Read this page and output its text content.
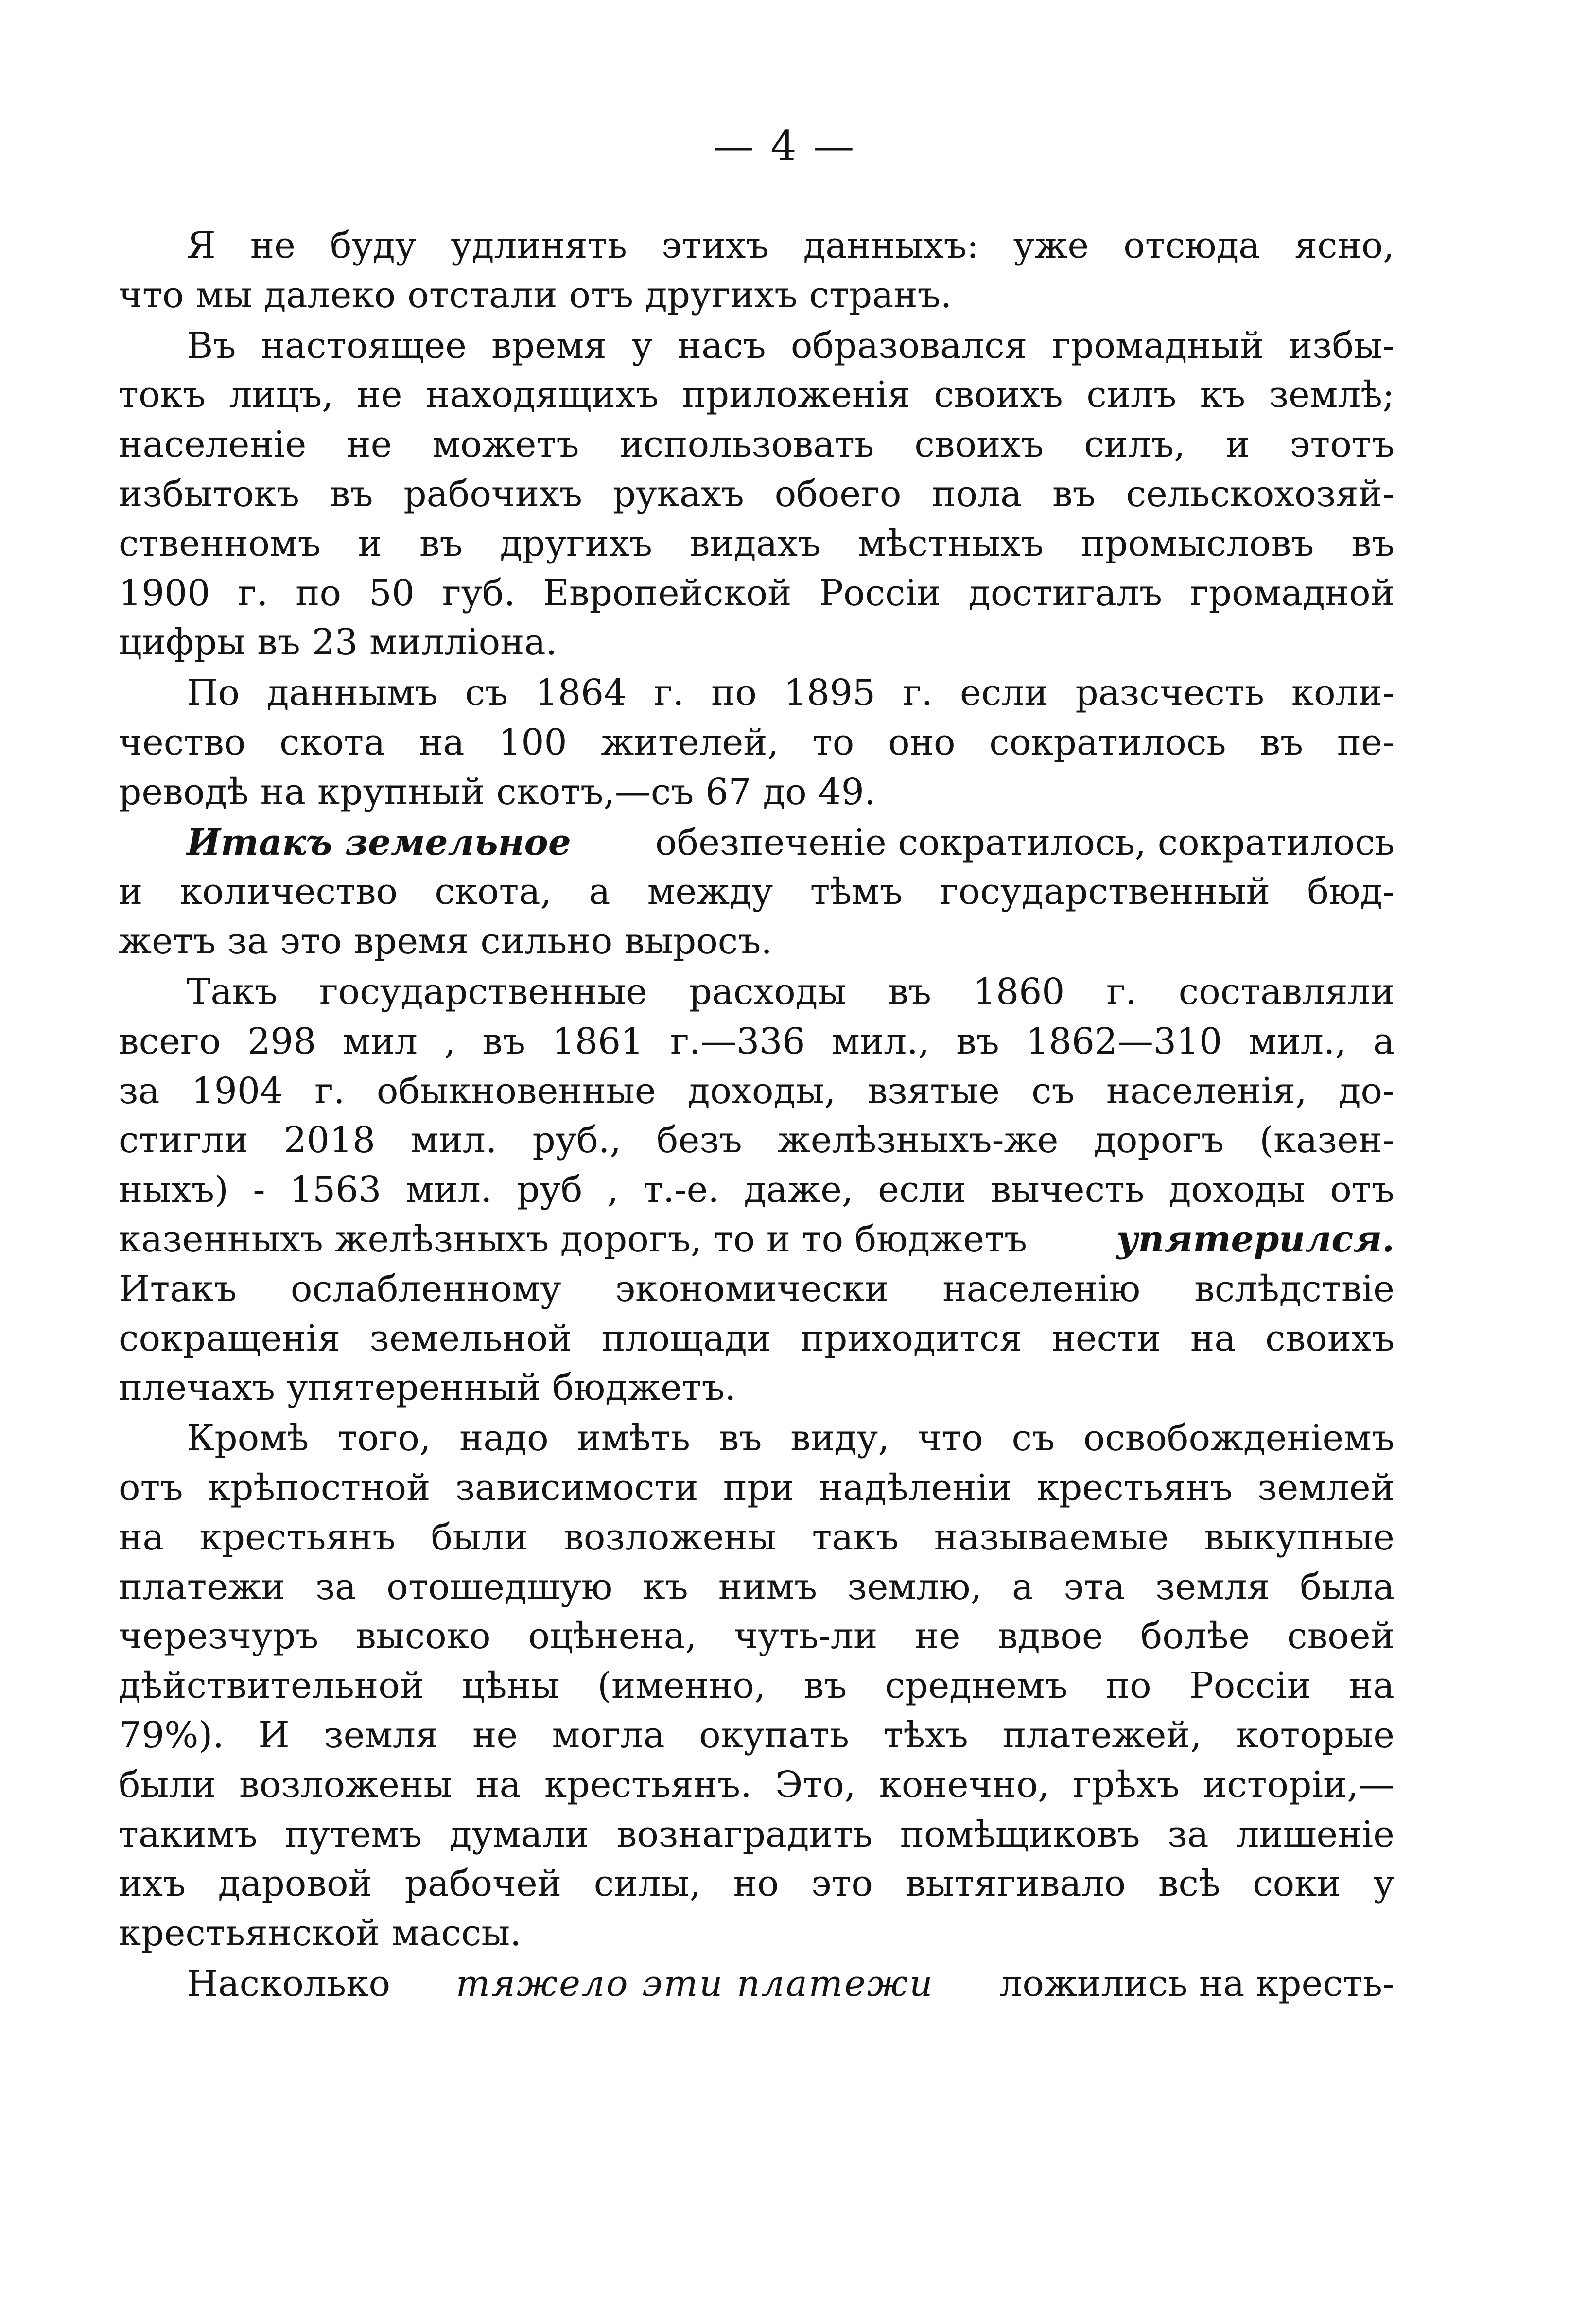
— 4 —
Я не буду удлинять этихъ данныхъ: уже отсюда ясно,
что мы далеко отстали отъ другихъ странъ.
Въ настоящее время у насъ образовался громадный избы-
токъ лицъ, не находящихъ приложенія своихъ силъ къ землѣ;
населеніе не можетъ использовать своихъ силъ, и этотъ
избытокъ въ рабочихъ рукахъ обоего пола въ сельскохозяй-
ственномъ и въ другихъ видахъ мѣстныхъ промысловъ въ
1900 г. по 50 губ. Европейской Россіи достигалъ громадной
цифры въ 23 милліона.
По даннымъ съ 1864 г. по 1895 г. если разсчесть коли-
чество скота на 100 жителей, то оно сократилось въ пе-
реводѣ на крупный скотъ,—съ 67 до 49.
Итакъ земельное обезпеченіе сократилось, сократилось
и количество скота, а между тѣмъ государственный бюд-
жетъ за это время сильно выросъ.
Такъ государственные расходы въ 1860 г. составляли
всего 298 мил , въ 1861 г.—336 мил., въ 1862—310 мил., а
за 1904 г. обыкновенные доходы, взятые съ населенія, до-
стигли 2018 мил. руб., безъ желѣзныхъ-же дорогъ (казен-
ныхъ) - 1563 мил. руб , т.-е. даже, если вычесть доходы отъ
казенныхъ желѣзныхъ дорогъ, то и то бюджетъ упятерился.
Итакъ ослабленному экономически населенію вслѣдствіе
сокращенія земельной площади приходится нести на своихъ
плечахъ упятеренный бюджетъ.
Кромѣ того, надо имѣть въ виду, что съ освобожденіемъ
отъ крѣпостной зависимости при надѣленіи крестьянъ землей
на крестьянъ были возложены такъ называемые выкупные
платежи за отошедшую къ нимъ землю, а эта земля была
черезчуръ высоко оцѣнена, чуть-ли не вдвое болѣе своей
дѣйствительной цѣны (именно, въ среднемъ по Россіи на
79%). И земля не могла окупать тѣхъ платежей, которые
были возложены на крестьянъ. Это, конечно, грѣхъ исторіи,—
такимъ путемъ думали вознаградить помѣщиковъ за лишеніе
ихъ даровой рабочей силы, но это вытягивало всѣ соки у
крестьянской массы.
Насколько тяжело эти платежи ложились на кресть-
